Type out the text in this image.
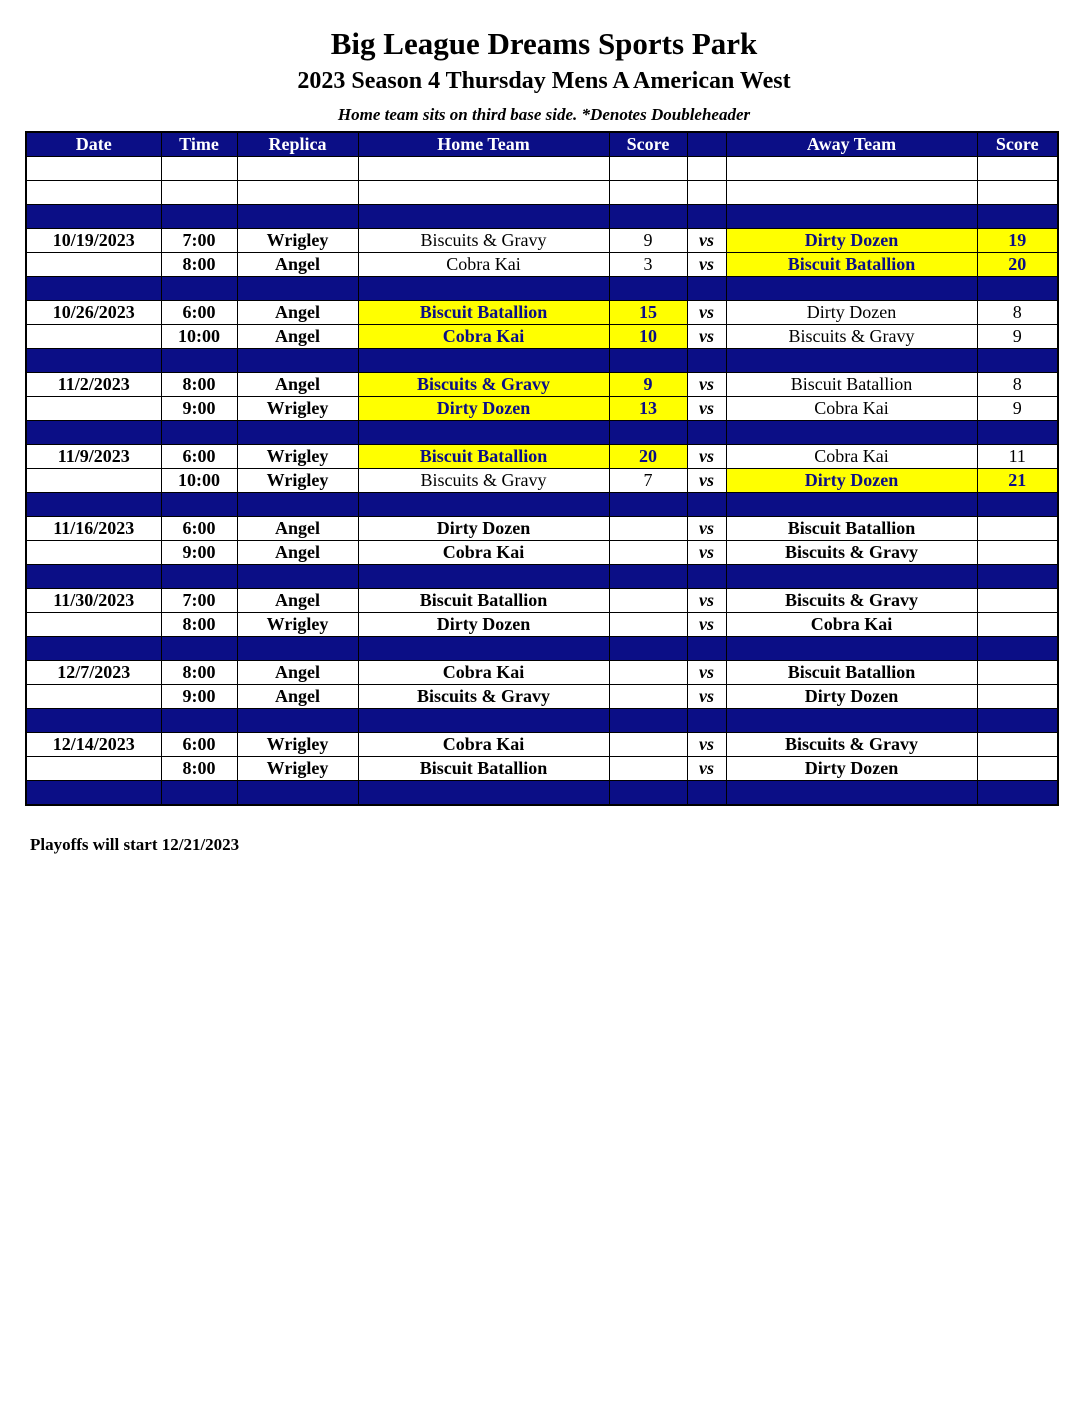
Big League Dreams Sports Park
2023 Season 4 Thursday Mens A American West
Home team sits on third base side. *Denotes Doubleheader
Date	Time	Replica	Home Team	Score		Away Team	Score

10/19/2023	7:00	Wrigley	Biscuits & Gravy	9	vs	Dirty Dozen	19
	8:00	Angel	Cobra Kai	3	vs	Biscuit Batallion	20

10/26/2023	6:00	Angel	Biscuit Batallion	15	vs	Dirty Dozen	8
	10:00	Angel	Cobra Kai	10	vs	Biscuits & Gravy	9

11/2/2023	8:00	Angel	Biscuits & Gravy	9	vs	Biscuit Batallion	8
	9:00	Wrigley	Dirty Dozen	13	vs	Cobra Kai	9

11/9/2023	6:00	Wrigley	Biscuit Batallion	20	vs	Cobra Kai	11
	10:00	Wrigley	Biscuits & Gravy	7	vs	Dirty Dozen	21

11/16/2023	6:00	Angel	Dirty Dozen		vs	Biscuit Batallion	
	9:00	Angel	Cobra Kai		vs	Biscuits & Gravy	

11/30/2023	7:00	Angel	Biscuit Batallion		vs	Biscuits & Gravy	
	8:00	Wrigley	Dirty Dozen		vs	Cobra Kai	

12/7/2023	8:00	Angel	Cobra Kai		vs	Biscuit Batallion	
	9:00	Angel	Biscuits & Gravy		vs	Dirty Dozen	

12/14/2023	6:00	Wrigley	Cobra Kai		vs	Biscuits & Gravy	
	8:00	Wrigley	Biscuit Batallion		vs	Dirty Dozen	

Playoffs will start 12/21/2023
